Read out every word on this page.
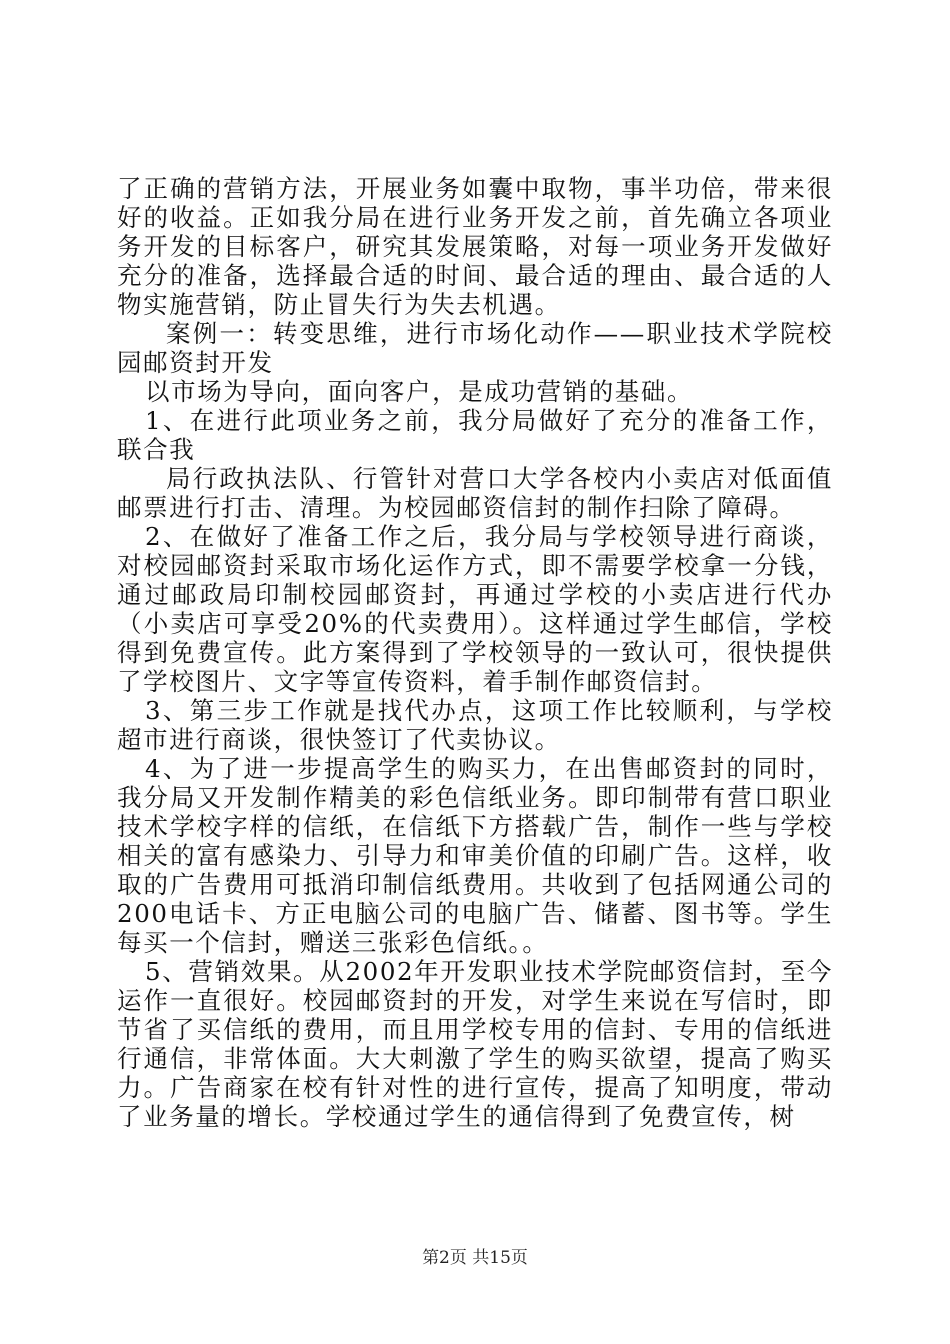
了正确的营销方法，开展业务如囊中取物，事半功倍，带来很好的收益。正如我分局在进行业务开发之前，首先确立各项业务开发的目标客户，研究其发展策略，对每一项业务开发做好充分的准备，选择最合适的时间、最合适的理由、最合适的人物实施营销，防止冒失行为失去机遇。

案例一：转变思维，进行市场化动作——职业技术学院校园邮资封开发

以市场为导向，面向客户，是成功营销的基础。

1、在进行此项业务之前，我分局做好了充分的准备工作，联合我

局行政执法队、行管针对营口大学各校内小卖店对低面值邮票进行打击、清理。为校园邮资信封的制作扫除了障碍。

2、在做好了准备工作之后，我分局与学校领导进行商谈，对校园邮资封采取市场化运作方式，即不需要学校拿一分钱，通过邮政局印制校园邮资封，再通过学校的小卖店进行代办（小卖店可享受20%的代卖费用）。这样通过学生邮信，学校得到免费宣传。此方案得到了学校领导的一致认可，很快提供了学校图片、文字等宣传资料，着手制作邮资信封。

3、第三步工作就是找代办点，这项工作比较顺利，与学校超市进行商谈，很快签订了代卖协议。

4、为了进一步提高学生的购买力，在出售邮资封的同时，我分局又开发制作精美的彩色信纸业务。即印制带有营口职业技术学校字样的信纸，在信纸下方搭载广告，制作一些与学校相关的富有感染力、引导力和审美价值的印刷广告。这样，收取的广告费用可抵消印制信纸费用。共收到了包括网通公司的200电话卡、方正电脑公司的电脑广告、储蓄、图书等。学生每买一个信封，赠送三张彩色信纸。。

5、营销效果。从2002年开发职业技术学院邮资信封，至今运作一直很好。校园邮资封的开发，对学生来说在写信时，即节省了买信纸的费用，而且用学校专用的信封、专用的信纸进行通信，非常体面。大大刺激了学生的购买欲望，提高了购买力。广告商家在校有针对性的进行宣传，提高了知明度，带动了业务量的增长。学校通过学生的通信得到了免费宣传，树

第2页 共15页
